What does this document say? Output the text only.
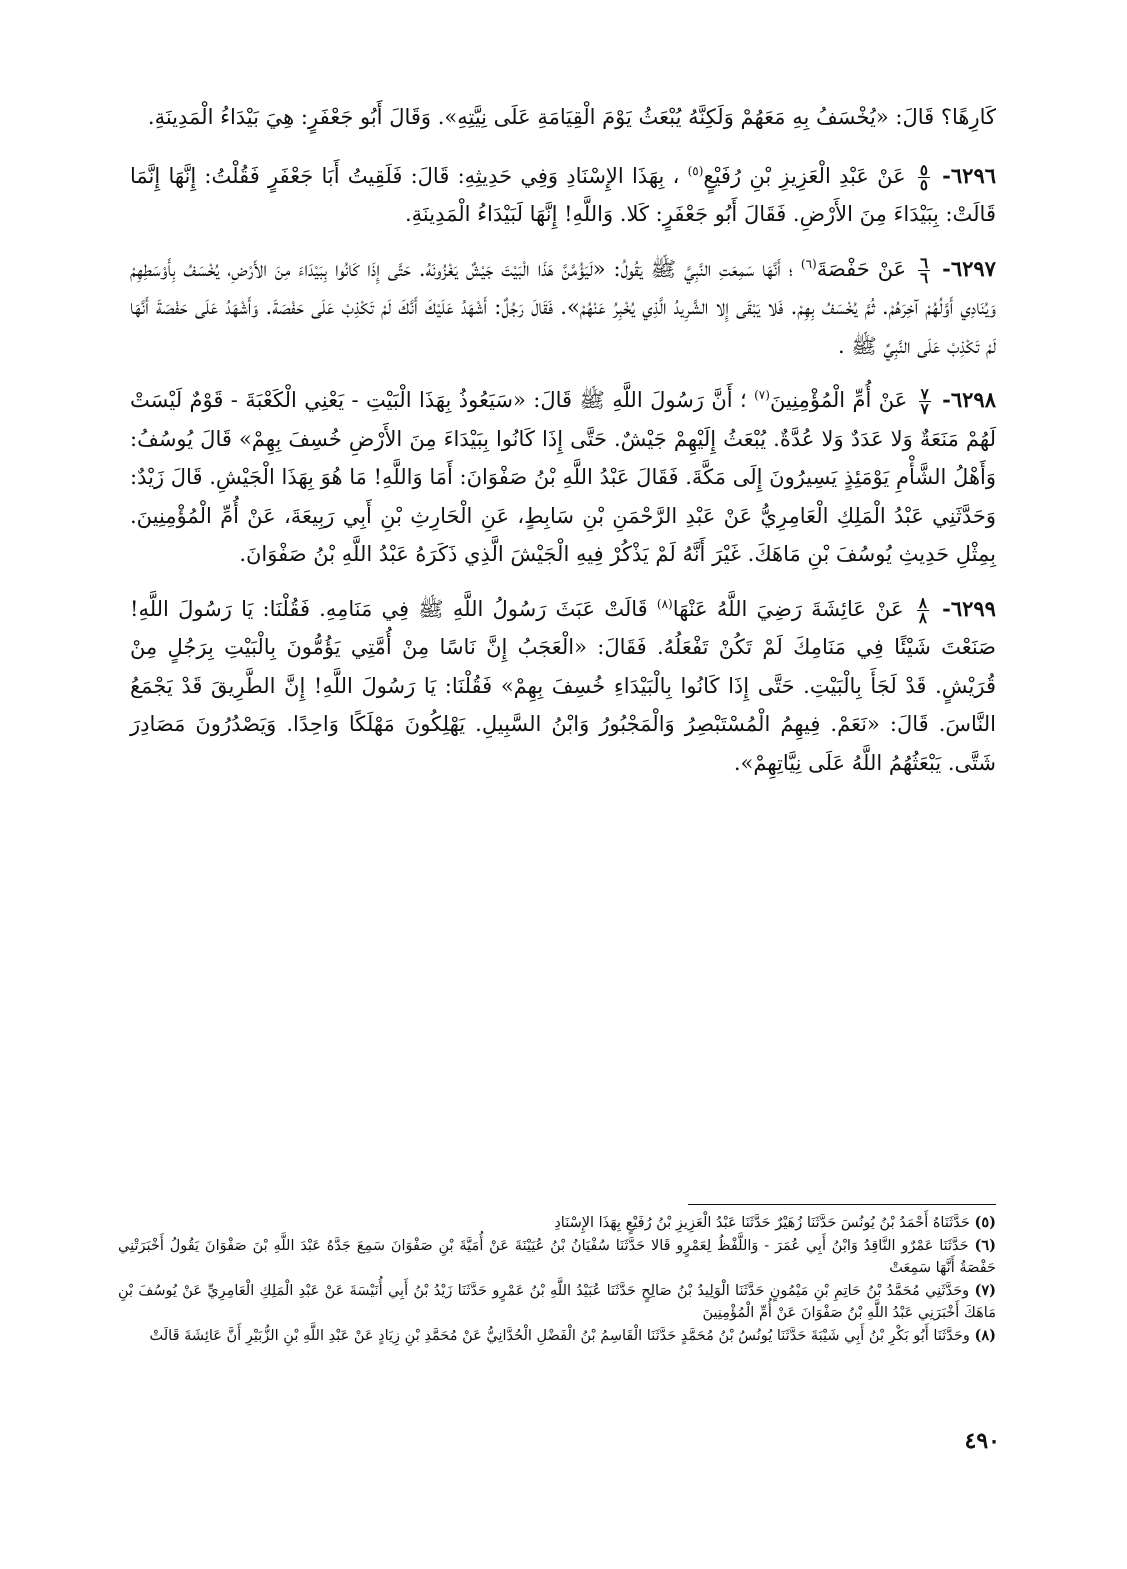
كَارِهًا؟ قَالَ: «يُخْسَفُ بِهِ مَعَهُمْ وَلَكِنَّهُ يُبْعَثُ يَوْمَ الْقِيَامَةِ عَلَى نِيَّتِهِ». وَقَالَ أَبُو جَعْفَرٍ: هِيَ بَيْدَاءُ الْمَدِينَةِ.

٦٢٩٦-
$\frac{٥}{٥}$
عَنْ عَبْدِ الْعَزِيزِ بْنِ رُفَيْعٍ$^{(٥)}$ ، بِهَذَا الإِسْنَادِ وَفِي حَدِيثِهِ: قَالَ: فَلَقِيتُ أَبَا جَعْفَرٍ فَقُلْتُ: إِنَّهَا إِنَّمَا قَالَتْ: بِبَيْدَاءَ مِنَ الأَرْضِ. فَقَالَ أَبُو جَعْفَرٍ: كَلا. وَاللَّهِ! إِنَّهَا لَبَيْدَاءُ الْمَدِينَةِ.

٦٢٩٧-
$\frac{٦}{٦}$
عَنْ حَفْصَةَ$^{(٦)}$ ؛ أَنَّهَا سَمِعَتِ النَّبِيَّ ﷺ يَقُولُ: «لَيَؤُمَّنَّ هَذَا الْبَيْتَ جَيْشٌ يَغْزُونَهُ. حَتَّى إِذَا كَانُوا بِبَيْدَاءَ مِنَ الأَرْضِ، يُخْسَفُ بِأَوْسَطِهِمْ وَيُنَادِي أَوَّلُهُمْ آخِرَهُمْ. ثُمَّ يُخْسَفُ بِهِمْ. فَلا يَبْقَى إِلا الشَّرِيدُ الَّذِي يُخْبِرُ عَنْهُمْ». فَقَالَ رَجُلٌ: أَشْهَدُ عَلَيْكَ أَنَّكَ لَمْ تَكْذِبْ عَلَى حَفْصَةَ. وَأَشْهَدُ عَلَى حَفْصَةَ أَنَّهَا لَمْ تَكْذِبْ عَلَى النَّبِيِّ ﷺ .

٦٢٩٨-
$\frac{٧}{٧}$
عَنْ أُمِّ الْمُؤْمِنِينَ$^{(٧)}$ ؛ أَنَّ رَسُولَ اللَّهِ ﷺ قَالَ: «سَيَعُوذُ بِهَذَا الْبَيْتِ - يَعْنِي الْكَعْبَةَ - قَوْمٌ لَيْسَتْ لَهُمْ مَنَعَةٌ وَلا عَدَدٌ وَلا عُدَّةٌ. يُبْعَثُ إِلَيْهِمْ جَيْشٌ. حَتَّى إِذَا كَانُوا بِبَيْدَاءَ مِنَ الأَرْضِ خُسِفَ بِهِمْ» قَالَ يُوسُفُ: وَأَهْلُ الشَّأْمِ يَوْمَئِذٍ يَسِيرُونَ إِلَى مَكَّةَ. فَقَالَ عَبْدُ اللَّهِ بْنُ صَفْوَانَ: أَمَا وَاللَّهِ! مَا هُوَ بِهَذَا الْجَيْشِ. قَالَ زَيْدٌ: وَحَدَّثَنِي عَبْدُ الْمَلِكِ الْعَامِرِيُّ عَنْ عَبْدِ الرَّحْمَنِ بْنِ سَابِطٍ، عَنِ الْحَارِثِ بْنِ أَبِي رَبِيعَةَ، عَنْ أُمِّ الْمُؤْمِنِينَ. بِمِثْلِ حَدِيثِ يُوسُفَ بْنِ مَاهَكَ. غَيْرَ أَنَّهُ لَمْ يَذْكُرْ فِيهِ الْجَيْشَ الَّذِي ذَكَرَهُ عَبْدُ اللَّهِ بْنُ صَفْوَانَ.

٦٢٩٩-
$\frac{٨}{٨}$
عَنْ عَائِشَةَ رَضِيَ اللَّهُ عَنْهَا$^{(٨)}$ قَالَتْ عَبَثَ رَسُولُ اللَّهِ ﷺ فِي مَنَامِهِ. فَقُلْنَا: يَا رَسُولَ اللَّهِ! صَنَعْتَ شَيْئًا فِي مَنَامِكَ لَمْ تَكُنْ تَفْعَلُهُ. فَقَالَ: «الْعَجَبُ إِنَّ نَاسًا مِنْ أُمَّتِي يَؤُمُّونَ بِالْبَيْتِ بِرَجُلٍ مِنْ قُرَيْشٍ. قَدْ لَجَأَ بِالْبَيْتِ. حَتَّى إِذَا كَانُوا بِالْبَيْدَاءِ خُسِفَ بِهِمْ» فَقُلْنَا: يَا رَسُولَ اللَّهِ! إِنَّ الطَّرِيقَ قَدْ يَجْمَعُ النَّاسَ. قَالَ: «نَعَمْ. فِيهِمُ الْمُسْتَبْصِرُ وَالْمَجْبُورُ وَابْنُ السَّبِيلِ. يَهْلِكُونَ مَهْلَكًا وَاحِدًا. وَيَصْدُرُونَ مَصَادِرَ شَتَّى. يَبْعَثُهُمُ اللَّهُ عَلَى نِيَّاتِهِمْ».

(٥) حَدَّثَنَاهُ أَحْمَدُ بْنُ يُونُسَ حَدَّثَنَا زُهَيْرٌ حَدَّثَنَا عَبْدُ الْعَزِيزِ بْنُ رُفَيْعٍ بِهَذَا الإِسْنَادِ

(٦) حَدَّثَنَا عَمْرٌو النَّاقِدُ وَابْنُ أَبِي عُمَرَ - وَاللَّفْظُ لِعَمْرٍو قَالا حَدَّثَنَا سُفْيَانُ بْنُ عُيَيْنَةَ عَنْ أُمَيَّةَ بْنِ صَفْوَانَ سَمِعَ جَدَّهُ عَبْدَ اللَّهِ بْنَ صَفْوَانَ يَقُولُ أَخْبَرَتْنِي حَفْصَةُ أَنَّهَا سَمِعَتْ

(٧) وحَدَّثَنِي مُحَمَّدُ بْنُ حَاتِمِ بْنِ مَيْمُونٍ حَدَّثَنَا الْوَلِيدُ بْنُ صَالِحٍ حَدَّثَنَا عُبَيْدُ اللَّهِ بْنُ عَمْرٍو حَدَّثَنَا زَيْدُ بْنُ أَبِي أُنَيْسَةَ عَنْ عَبْدِ الْمَلِكِ الْعَامِرِيِّ عَنْ يُوسُفَ بْنِ مَاهَكَ أَخْبَرَنِي عَبْدُ اللَّهِ بْنُ صَفْوَانَ عَنْ أُمِّ الْمُؤْمِنِينَ

(٨) وحَدَّثَنَا أَبُو بَكْرِ بْنُ أَبِي شَيْبَةَ حَدَّثَنَا يُونُسُ بْنُ مُحَمَّدٍ حَدَّثَنَا الْقَاسِمُ بْنُ الْفَضْلِ الْحُدَّانِيُّ عَنْ مُحَمَّدِ بْنِ زِيَادٍ عَنْ عَبْدِ اللَّهِ بْنِ الزُّبَيْرِ أَنَّ عَائِشَةَ قَالَتْ

٤٩٠
